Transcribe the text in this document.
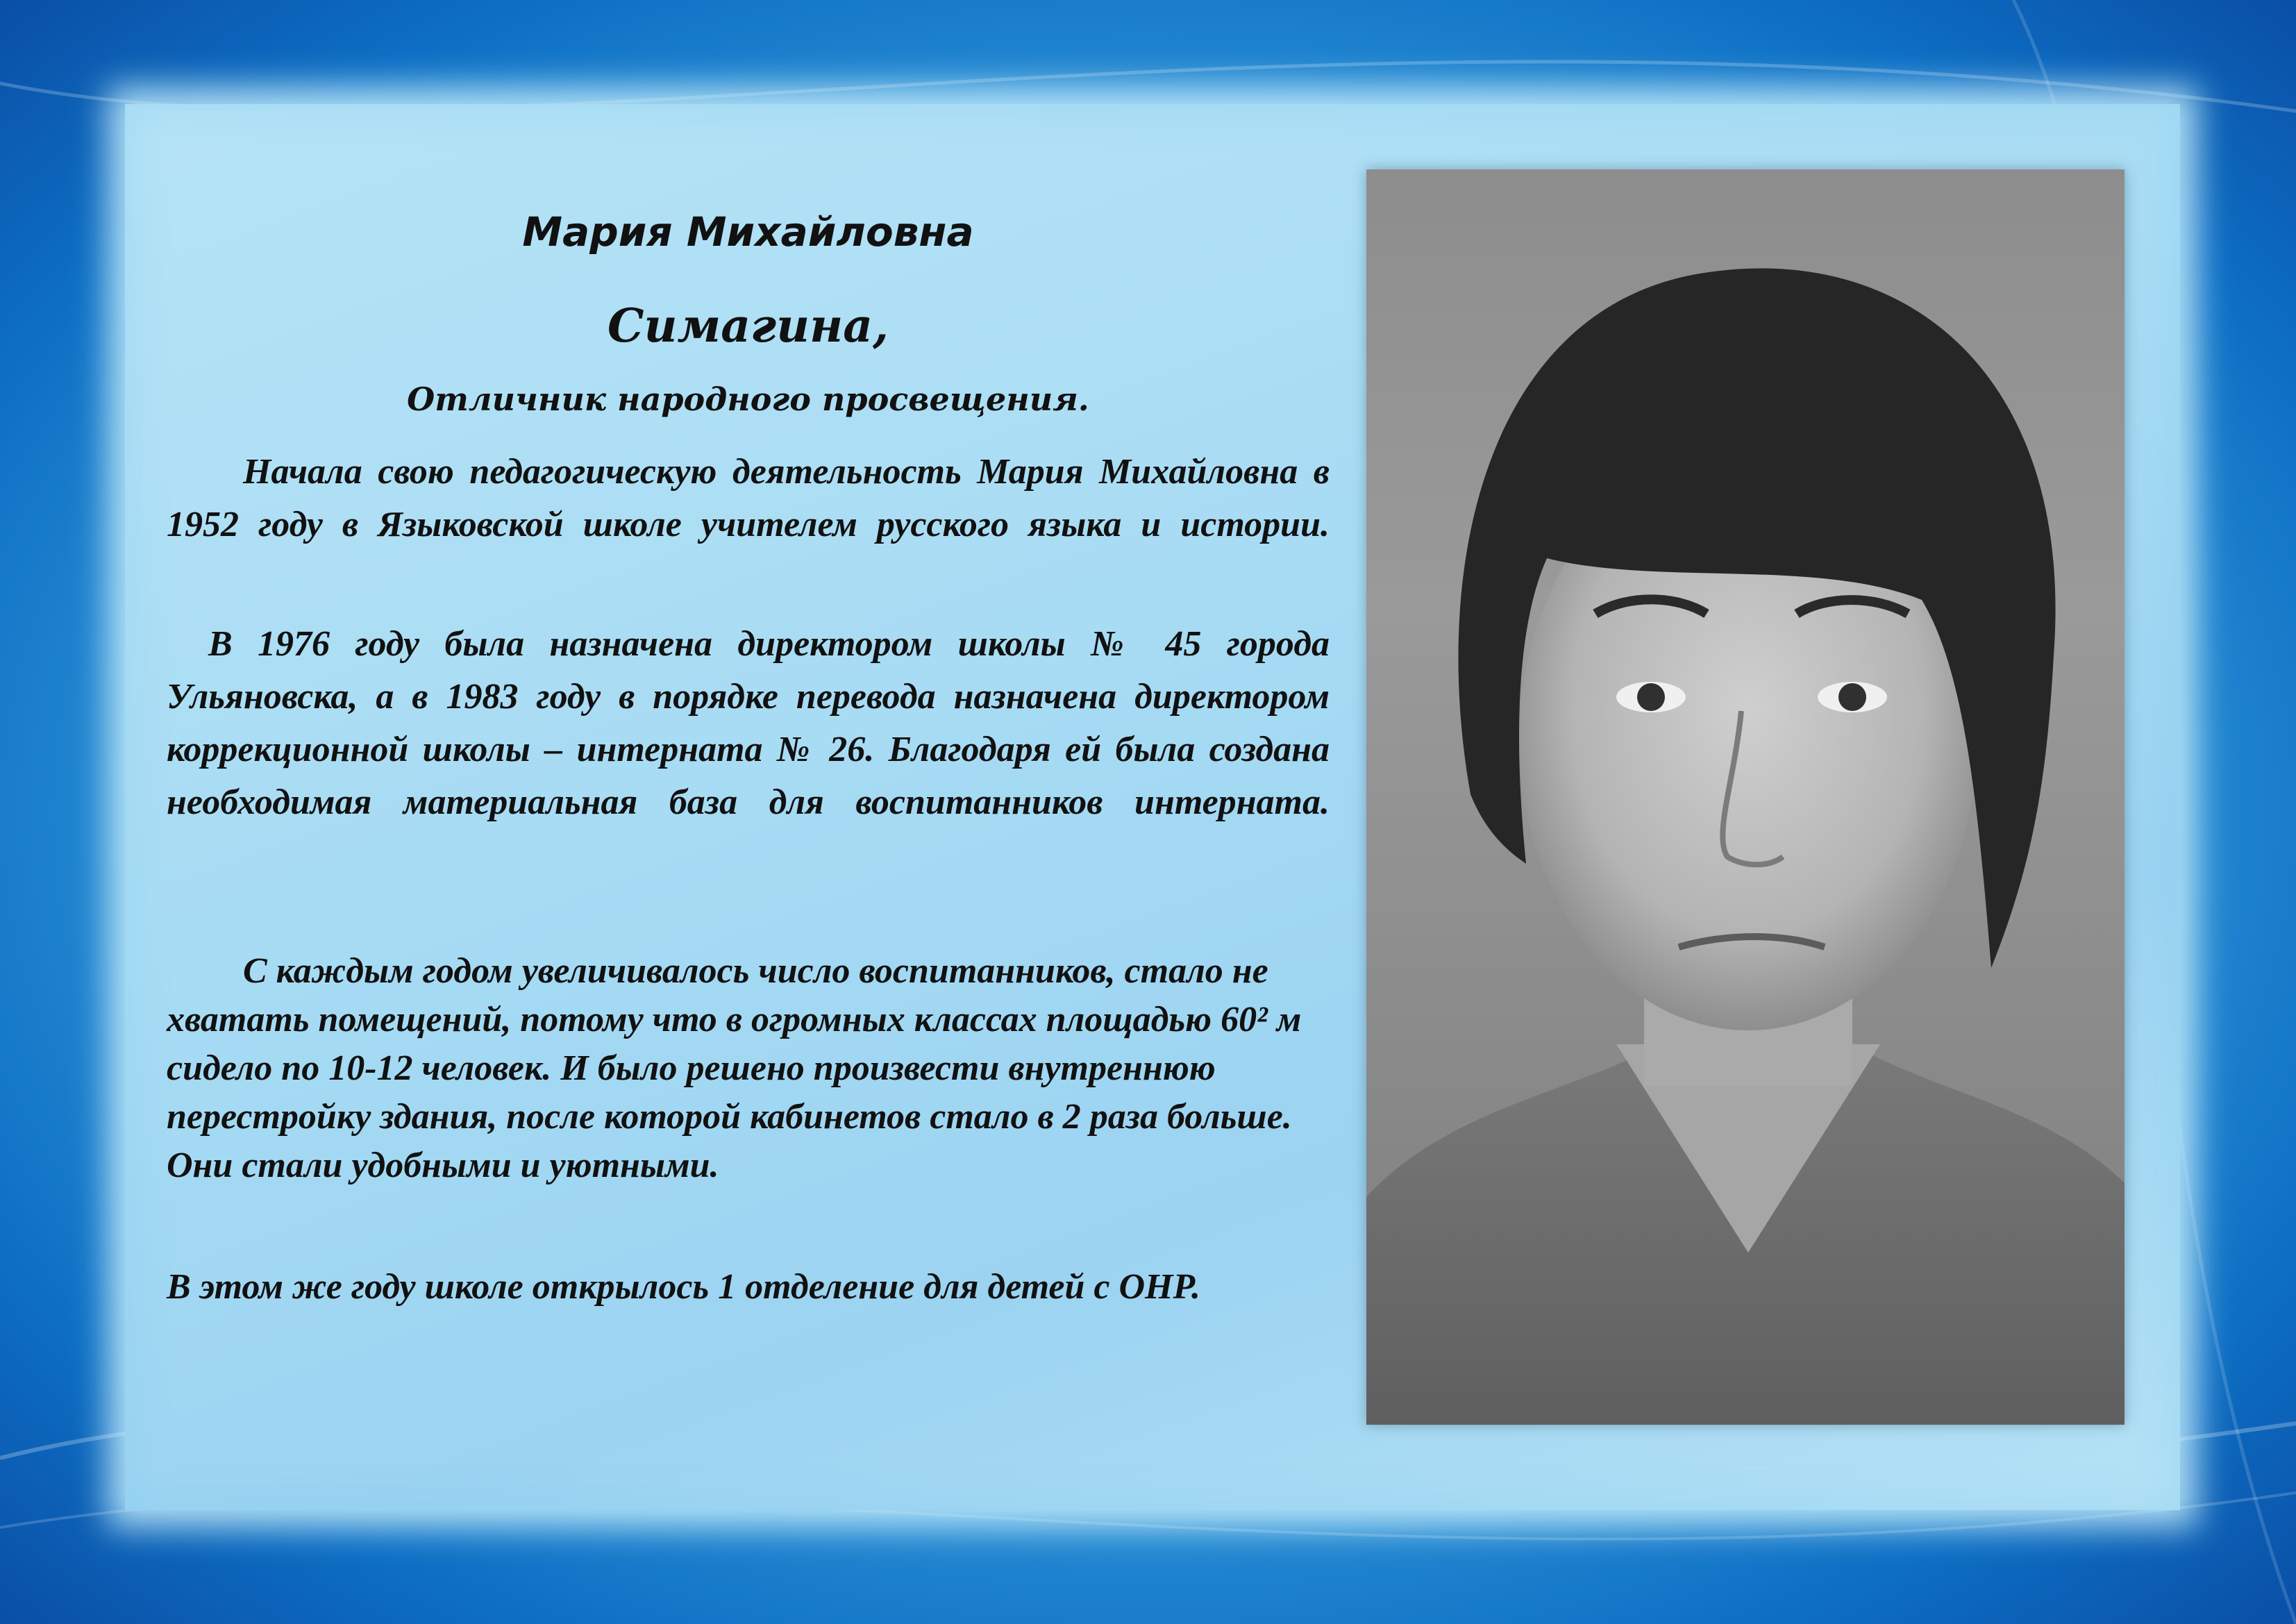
Мария Михайловна
Симагина,
Отличник народного просвещения.

Начала свою педагогическую деятельность Мария Михайловна в 1952 году в Языковской школе учителем русского языка и истории.

В 1976 году была назначена директором школы № 45 города Ульяновска, а в 1983 году в порядке перевода назначена директором коррекционной школы – интерната № 26. Благодаря ей была создана необходимая материальная база для воспитанников интерната.

С каждым годом увеличивалось число воспитанников, стало не хватать помещений, потому что в огромных классах площадью 60² м сидело по 10-12 человек. И было решено произвести внутреннюю перестройку здания, после которой кабинетов стало в 2 раза больше. Они стали удобными и уютными.

В этом же году школе открылось 1 отделение для детей с ОНР.
